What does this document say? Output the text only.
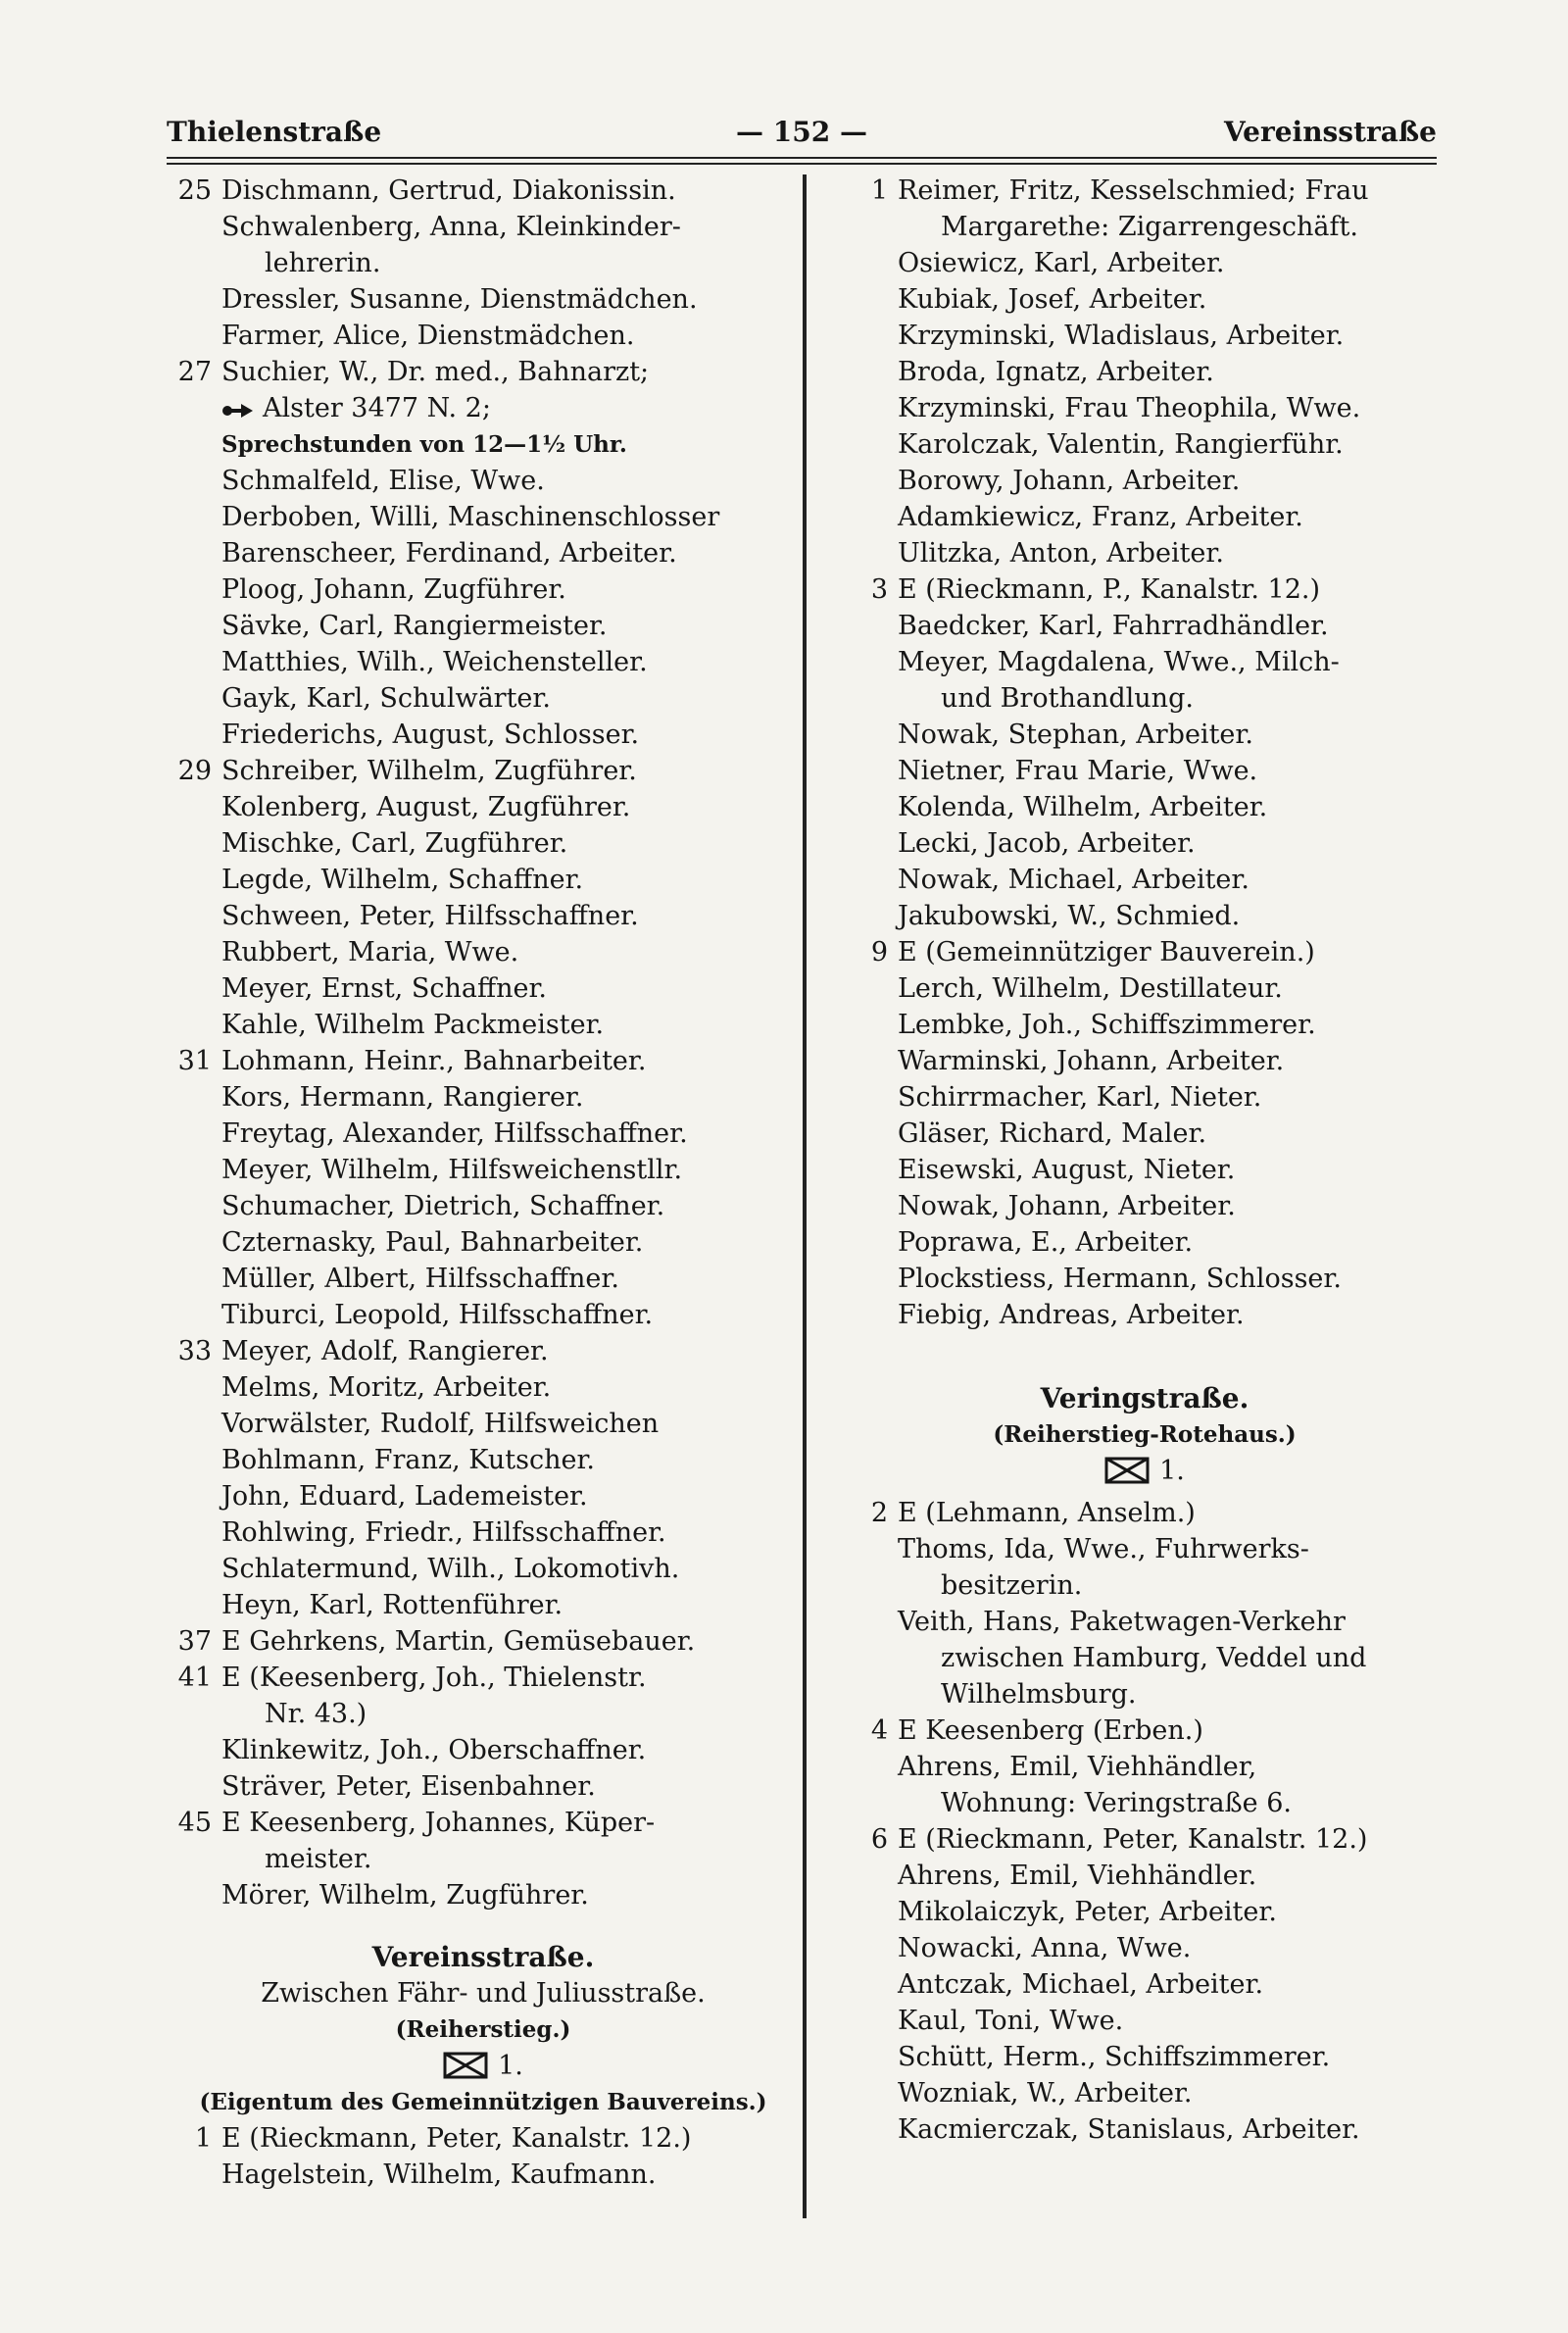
Thielenstraße	— 152 —	Vereinsstraße
25 Dischmann, Gertrud, Diakonissin.
Schwalenberg, Anna, Kleinkinder-
lehrerin.
Dressler, Susanne, Dienstmädchen.
Farmer, Alice, Dienstmädchen.
27 Suchier, W., Dr. med., Bahnarzt;
Alster 3477 N. 2;
Sprechstunden von 12—1½ Uhr.
Schmalfeld, Elise, Wwe.
Derboben, Willi, Maschinenschlosser
Barenscheer, Ferdinand, Arbeiter.
Ploog, Johann, Zugführer.
Sävke, Carl, Rangiermeister.
Matthies, Wilh., Weichensteller.
Gayk, Karl, Schulwärter.
Friederichs, August, Schlosser.
29 Schreiber, Wilhelm, Zugführer.
Kolenberg, August, Zugführer.
Mischke, Carl, Zugführer.
Legde, Wilhelm, Schaffner.
Schween, Peter, Hilfsschaffner.
Rubbert, Maria, Wwe.
Meyer, Ernst, Schaffner.
Kahle, Wilhelm Packmeister.
31 Lohmann, Heinr., Bahnarbeiter.
Kors, Hermann, Rangierer.
Freytag, Alexander, Hilfsschaffner.
Meyer, Wilhelm, Hilfsweichenstllr.
Schumacher, Dietrich, Schaffner.
Czternasky, Paul, Bahnarbeiter.
Müller, Albert, Hilfsschaffner.
Tiburci, Leopold, Hilfsschaffner.
33 Meyer, Adolf, Rangierer.
Melms, Moritz, Arbeiter.
Vorwälster, Rudolf, Hilfsweichen
Bohlmann, Franz, Kutscher.
John, Eduard, Lademeister.
Rohlwing, Friedr., Hilfsschaffner.
Schlatermund, Wilh., Lokomotivh.
Heyn, Karl, Rottenführer.
37 E Gehrkens, Martin, Gemüsebauer.
41 E (Keesenberg, Joh., Thielenstr.
Nr. 43.)
Klinkewitz, Joh., Oberschaffner.
Sträver, Peter, Eisenbahner.
45 E Keesenberg, Johannes, Küper-
meister.
Mörer, Wilhelm, Zugführer.
Vereinsstraße.
Zwischen Fähr- und Juliusstraße.
(Reiherstieg.)
1.
(Eigentum des Gemeinnützigen Bauvereins.)
1 E (Rieckmann, Peter, Kanalstr. 12.)
Hagelstein, Wilhelm, Kaufmann.
1 Reimer, Fritz, Kesselschmied; Frau
Margarethe: Zigarrengeschäft.
Osiewicz, Karl, Arbeiter.
Kubiak, Josef, Arbeiter.
Krzyminski, Wladislaus, Arbeiter.
Broda, Ignatz, Arbeiter.
Krzyminski, Frau Theophila, Wwe.
Karolczak, Valentin, Rangierführ.
Borowy, Johann, Arbeiter.
Adamkiewicz, Franz, Arbeiter.
Ulitzka, Anton, Arbeiter.
3 E (Rieckmann, P., Kanalstr. 12.)
Baedcker, Karl, Fahrradhändler.
Meyer, Magdalena, Wwe., Milch-
und Brothandlung.
Nowak, Stephan, Arbeiter.
Nietner, Frau Marie, Wwe.
Kolenda, Wilhelm, Arbeiter.
Lecki, Jacob, Arbeiter.
Nowak, Michael, Arbeiter.
Jakubowski, W., Schmied.
9 E (Gemeinnütziger Bauverein.)
Lerch, Wilhelm, Destillateur.
Lembke, Joh., Schiffszimmerer.
Warminski, Johann, Arbeiter.
Schirrmacher, Karl, Nieter.
Gläser, Richard, Maler.
Eisewski, August, Nieter.
Nowak, Johann, Arbeiter.
Poprawa, E., Arbeiter.
Plockstiess, Hermann, Schlosser.
Fiebig, Andreas, Arbeiter.
Veringstraße.
(Reiherstieg-Rotehaus.)
1.
2 E (Lehmann, Anselm.)
Thoms, Ida, Wwe., Fuhrwerks-
besitzerin.
Veith, Hans, Paketwagen-Verkehr
zwischen Hamburg, Veddel und
Wilhelmsburg.
4 E Keesenberg (Erben.)
Ahrens, Emil, Viehhändler,
Wohnung: Veringstraße 6.
6 E (Rieckmann, Peter, Kanalstr. 12.)
Ahrens, Emil, Viehhändler.
Mikolaiczyk, Peter, Arbeiter.
Nowacki, Anna, Wwe.
Antczak, Michael, Arbeiter.
Kaul, Toni, Wwe.
Schütt, Herm., Schiffszimmerer.
Wozniak, W., Arbeiter.
Kacmierczak, Stanislaus, Arbeiter.
